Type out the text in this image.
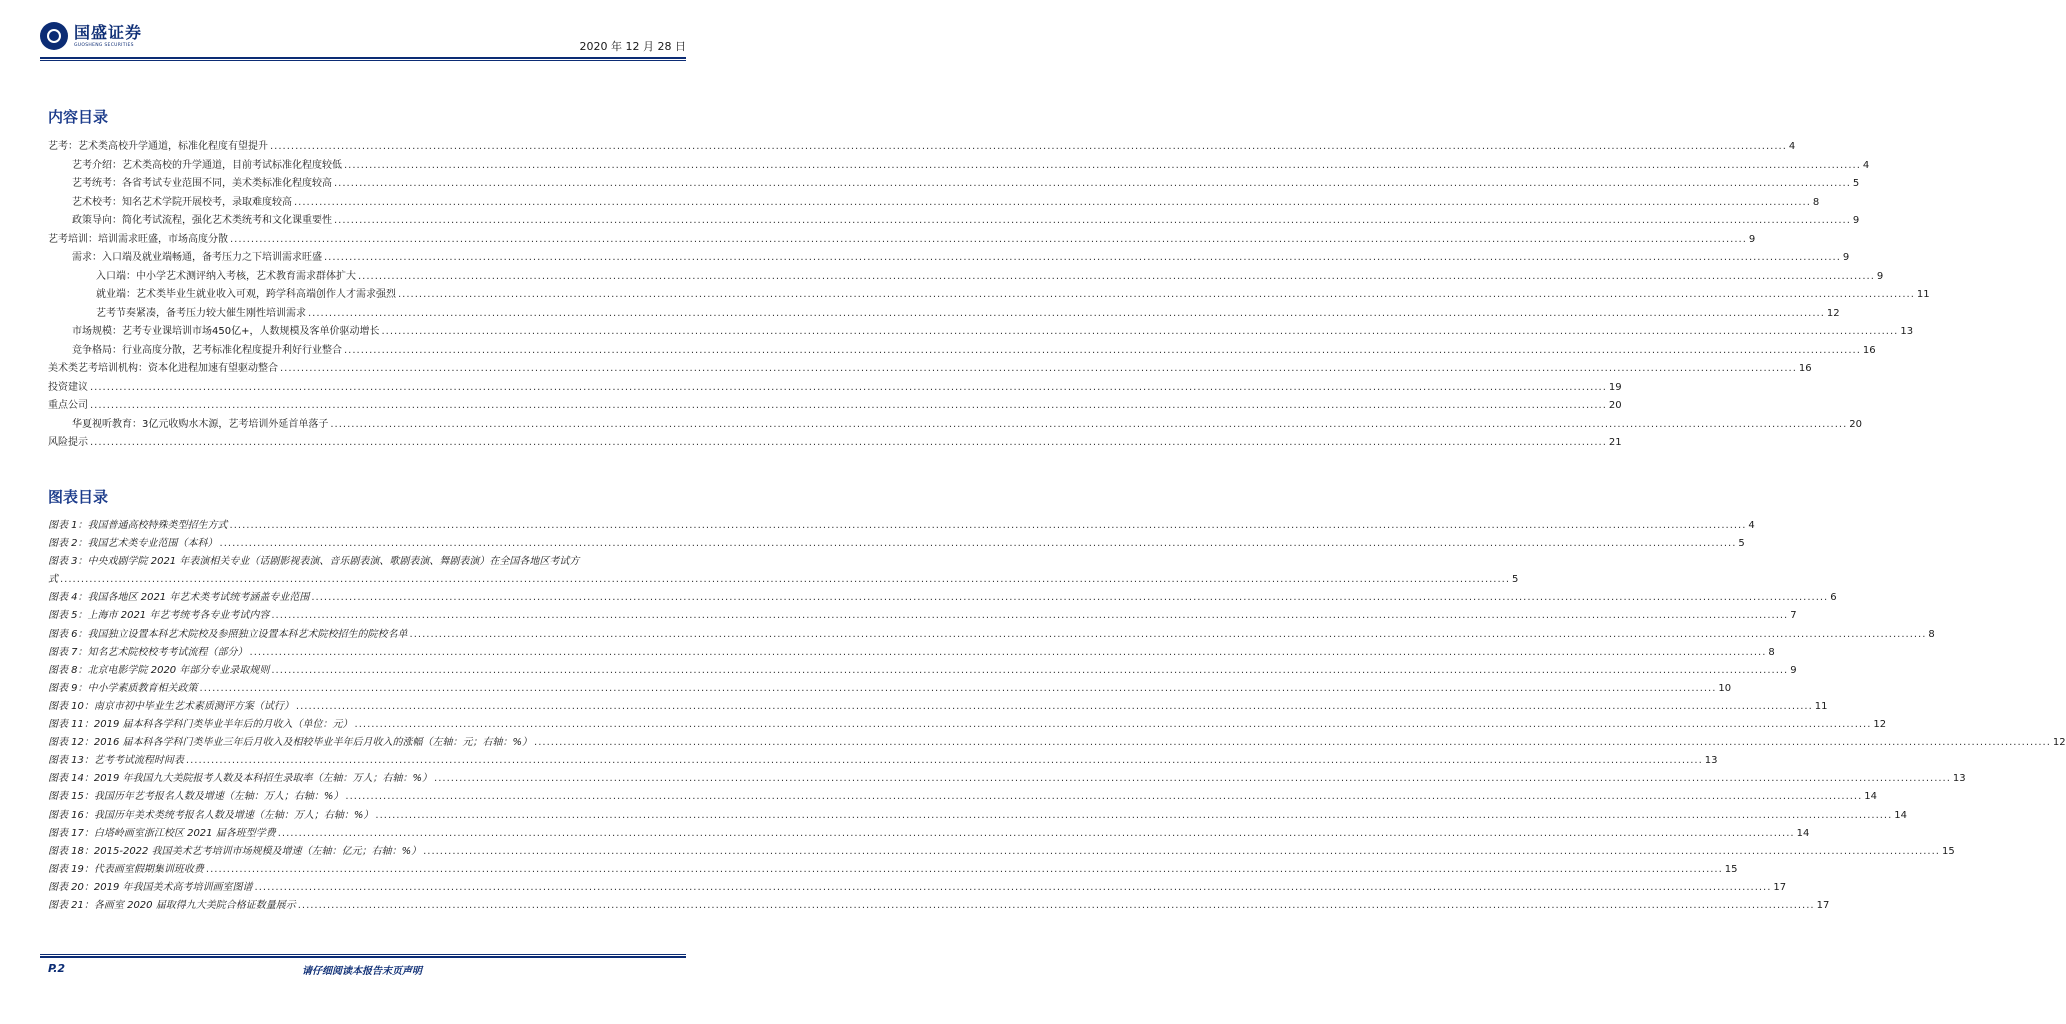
国盛证券
GUOSHENG SECURITIES	2020 年 12 月 28 日
内容目录
艺考：艺术类高校升学通道，标准化程度有望提升 .....	4
艺考介绍：艺术类高校的升学通道，目前考试标准化程度较低 .....	4
艺考统考：各省考试专业范围不同，美术类标准化程度较高 .....	5
艺术校考：知名艺术学院开展校考，录取难度较高 .....	8
政策导向：简化考试流程，强化艺术类统考和文化课重要性 .....	9
艺考培训：培训需求旺盛，市场高度分散 .....	9
需求：入口端及就业端畅通，备考压力之下培训需求旺盛 .....	9
入口端：中小学艺术测评纳入考核，艺术教育需求群体扩大 .....	9
就业端：艺术类毕业生就业收入可观，跨学科高端创作人才需求强烈 .....	11
艺考节奏紧凑，备考压力较大催生刚性培训需求 .....	12
市场规模：艺考专业课培训市场450亿+，人数规模及客单价驱动增长 .....	13
竞争格局：行业高度分散，艺考标准化程度提升利好行业整合 .....	16
美术类艺考培训机构：资本化进程加速有望驱动整合 .....	16
投资建议 .....	19
重点公司 .....	20
华夏视听教育：3亿元收购水木源，艺考培训外延首单落子 .....	20
风险提示 .....	21
图表目录
图表 1：我国普通高校特殊类型招生方式 .....	4
图表 2：我国艺术类专业范围（本科） .....	5
图表 3：中央戏剧学院 2021 年表演相关专业（话剧影视表演、音乐剧表演、歌剧表演、舞剧表演）在全国各地区考试方
式 ........................................................................................................................................................................................................................................................................................................................................................... 5
图表 4：我国各地区 2021 年艺术类考试统考涵盖专业范围 .....	6
图表 5：上海市 2021 年艺考统考各专业考试内容 .....	7
图表 6：我国独立设置本科艺术院校及参照独立设置本科艺术院校招生的院校名单 .....	8
图表 7：知名艺术院校校考考试流程（部分） .....	8
图表 8：北京电影学院 2020 年部分专业录取规则 .....	9
图表 9：中小学素质教育相关政策 .....	10
图表 10：南京市初中毕业生艺术素质测评方案（试行） .....	11
图表 11：2019 届本科各学科门类毕业半年后的月收入（单位：元） .....	12
图表 12：2016 届本科各学科门类毕业三年后月收入及相较毕业半年后月收入的涨幅（左轴：元；右轴：%） .....	12
图表 13：艺考考试流程时间表 .....	13
图表 14：2019 年我国九大美院报考人数及本科招生录取率（左轴：万人；右轴：%） .....	13
图表 15：我国历年艺考报名人数及增速（左轴：万人；右轴：%） .....	14
图表 16：我国历年美术类统考报名人数及增速（左轴：万人；右轴：%） .....	14
图表 17：白塔岭画室浙江校区 2021 届各班型学费 .....	14
图表 18：2015-2022 我国美术艺考培训市场规模及增速（左轴：亿元；右轴：%） .....	15
图表 19：代表画室假期集训班收费 .....	15
图表 20：2019 年我国美术高考培训画室图谱 .....	17
图表 21：各画室 2020 届取得九大美院合格证数量展示 .....	17
P.2	请仔细阅读本报告末页声明
